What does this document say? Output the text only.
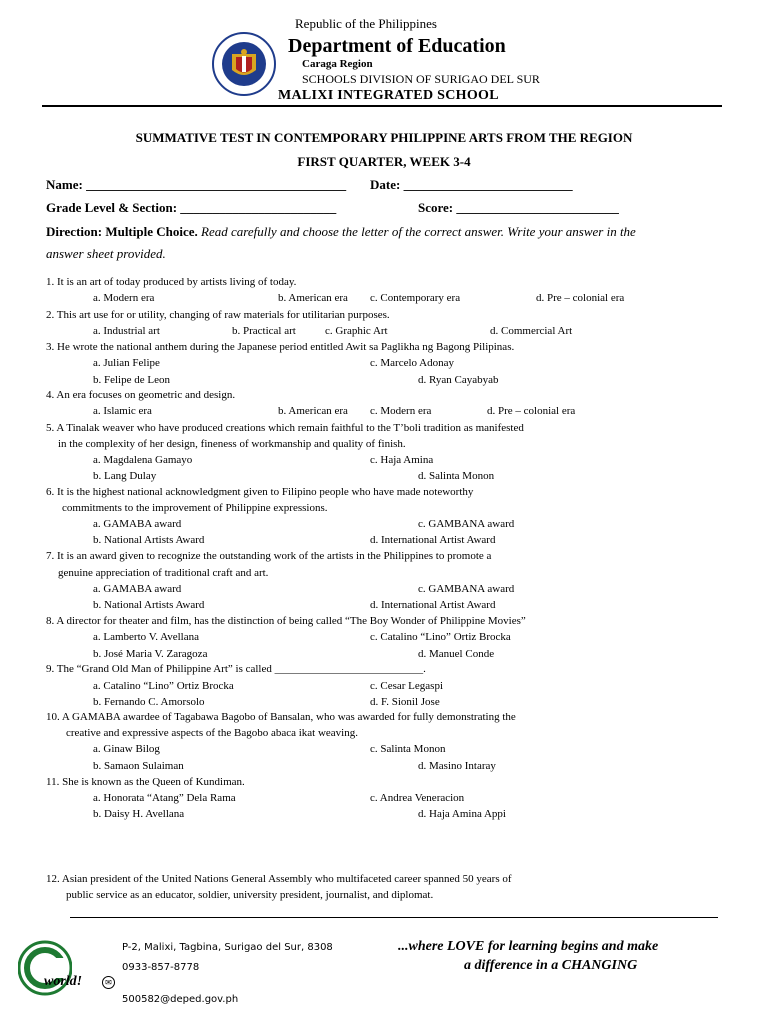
Republic of the Philippines
Department of Education
Caraga Region
SCHOOLS DIVISION OF SURIGAO DEL SUR
MALIXI INTEGRATED SCHOOL
SUMMATIVE TEST IN CONTEMPORARY PHILIPPINE ARTS FROM THE REGION
FIRST QUARTER, WEEK 3-4
Name: ________________________________________ Date: __________________________
Grade Level & Section: ________________________	Score: _________________________
Direction: Multiple Choice. Read carefully and choose the letter of the correct answer. Write your answer in the
answer sheet provided.
1. It is an art of today produced by artists living of today.
a. Modern era	b. American era c. Contemporary era	d. Pre – colonial era
2. This art use for or utility, changing of raw materials for utilitarian purposes.
a. Industrial art	b. Practical art	c. Graphic Art	d. Commercial Art
3. He wrote the national anthem during the Japanese period entitled Awit sa Paglikha ng Bagong Pilipinas.
a. Julian Felipe	c. Marcelo Adonay
b. Felipe de Leon	d. Ryan Cayabyab
4. An era focuses on geometric and design.
a. Islamic era	b. American era c. Modern era	d. Pre – colonial era
5. A Tinalak weaver who have produced creations which remain faithful to the T’boli tradition as manifested
in the complexity of her design, fineness of workmanship and quality of finish.
a. Magdalena Gamayo	c. Haja Amina
b. Lang Dulay	d. Salinta Monon
6. It is the highest national acknowledgment given to Filipino people who have made noteworthy
commitments to the improvement of Philippine expressions.
a. GAMABA award	c. GAMBANA award
b. National Artists Award	d. International Artist Award
7. It is an award given to recognize the outstanding work of the artists in the Philippines to promote a
genuine appreciation of traditional craft and art.
a. GAMABA award	c. GAMBANA award
b. National Artists Award	d. International Artist Award
8. A director for theater and film, has the distinction of being called “The Boy Wonder of Philippine Movies”
a. Lamberto V. Avellana	c. Catalino “Lino” Ortiz Brocka
b. José Maria V. Zaragoza	d. Manuel Conde
9. The “Grand Old Man of Philippine Art” is called ___________________________.
a. Catalino “Lino” Ortiz Brocka	c. Cesar Legaspi
b. Fernando C. Amorsolo	d. F. Sionil Jose
10. A GAMABA awardee of Tagabawa Bagobo of Bansalan, who was awarded for fully demonstrating the
creative and expressive aspects of the Bagobo abaca ikat weaving.
a. Ginaw Bilog	c. Salinta Monon
b. Samaon Sulaiman	d. Masino Intaray
11. She is known as the Queen of Kundiman.
a. Honorata “Atang” Dela Rama	c. Andrea Veneracion
b. Daisy H. Avellana	d. Haja Amina Appi
12. Asian president of the United Nations General Assembly who multifaceted career spanned 50 years of
public service as an educator, soldier, university president, journalist, and diplomat.
world!	✉
P-2, Malixi, Tagbina, Surigao del Sur, 8308
0933-857-8778
500582@deped.gov.ph
...where LOVE for learning begins and make
a difference in a CHANGING
